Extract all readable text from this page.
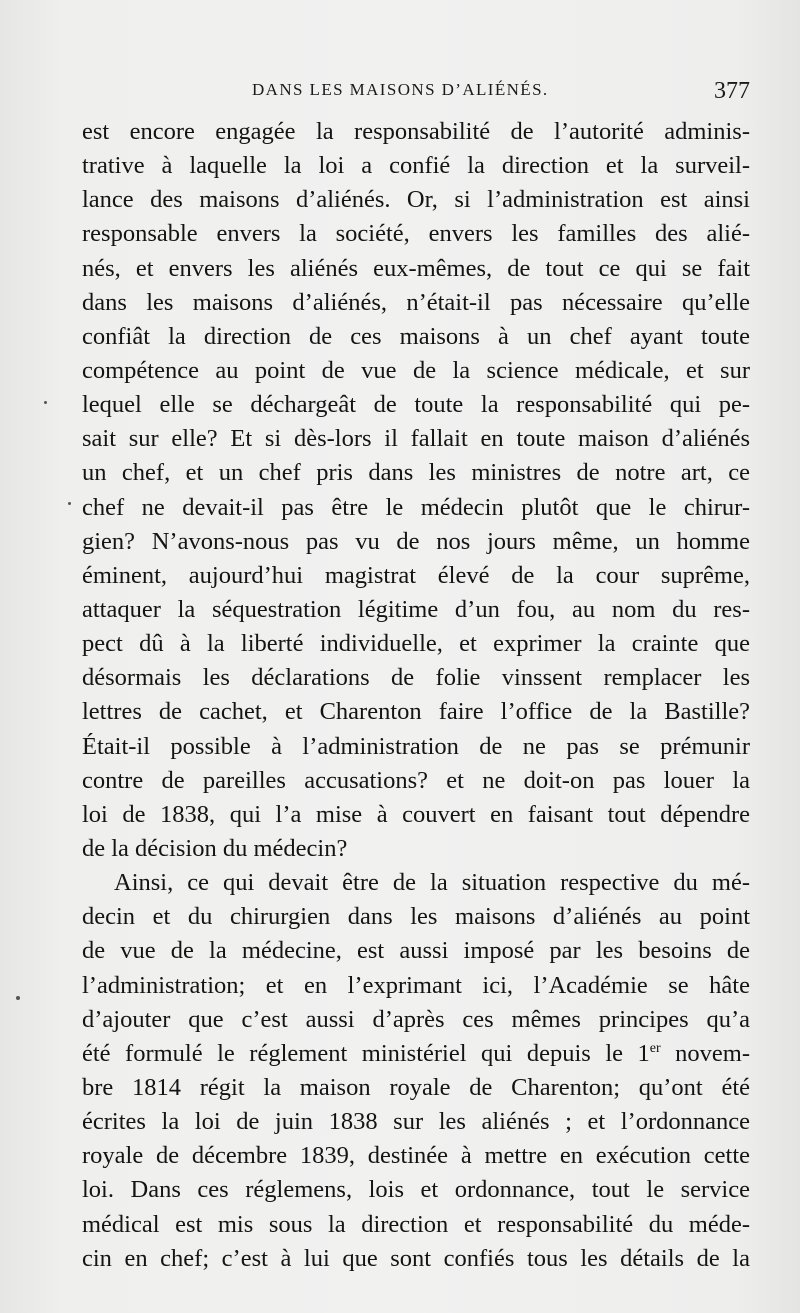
DANS LES MAISONS D’ALIÉNÉS.	377
est encore engagée la responsabilité de l’autorité adminis-
trative à laquelle la loi a confié la direction et la surveil-
lance des maisons d’aliénés. Or, si l’administration est ainsi
responsable envers la société, envers les familles des alié-
nés, et envers les aliénés eux-mêmes, de tout ce qui se fait
dans les maisons d’aliénés, n’était-il pas nécessaire qu’elle
confiât la direction de ces maisons à un chef ayant toute
compétence au point de vue de la science médicale, et sur
lequel elle se déchargeât de toute la responsabilité qui pe-
sait sur elle? Et si dès-lors il fallait en toute maison d’aliénés
un chef, et un chef pris dans les ministres de notre art, ce
chef ne devait-il pas être le médecin plutôt que le chirur-
gien? N’avons-nous pas vu de nos jours même, un homme
éminent, aujourd’hui magistrat élevé de la cour suprême,
attaquer la séquestration légitime d’un fou, au nom du res-
pect dû à la liberté individuelle, et exprimer la crainte que
désormais les déclarations de folie vinssent remplacer les
lettres de cachet, et Charenton faire l’office de la Bastille?
Était-il possible à l’administration de ne pas se prémunir
contre de pareilles accusations? et ne doit-on pas louer la
loi de 1838, qui l’a mise à couvert en faisant tout dépendre
de la décision du médecin?
Ainsi, ce qui devait être de la situation respective du mé-
decin et du chirurgien dans les maisons d’aliénés au point
de vue de la médecine, est aussi imposé par les besoins de
l’administration; et en l’exprimant ici, l’Académie se hâte
d’ajouter que c’est aussi d’après ces mêmes principes qu’a
été formulé le réglement ministériel qui depuis le 1er novem-
bre 1814 régit la maison royale de Charenton; qu’ont été
écrites la loi de juin 1838 sur les aliénés ; et l’ordonnance
royale de décembre 1839, destinée à mettre en exécution cette
loi. Dans ces réglemens, lois et ordonnance, tout le service
médical est mis sous la direction et responsabilité du méde-
cin en chef; c’est à lui que sont confiés tous les détails de la
